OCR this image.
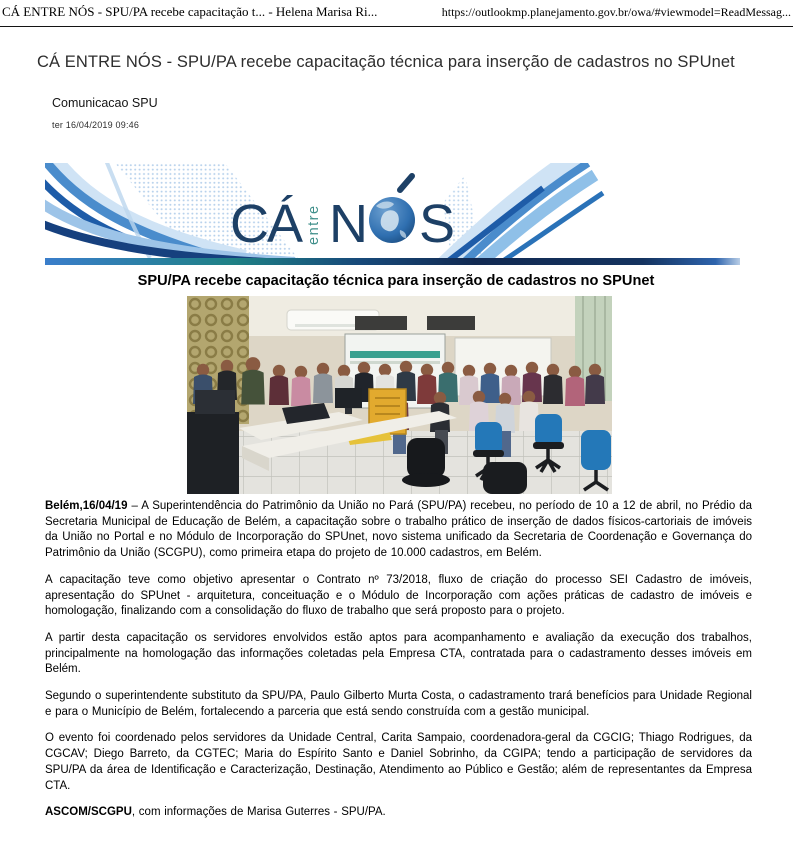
CÁ ENTRE NÓS - SPU/PA recebe capacitação t... - Helena Marisa Ri...	https://outlookmp.planejamento.gov.br/owa/#viewmodel=ReadMessag...
CÁ ENTRE NÓS - SPU/PA recebe capacitação técnica para inserção de cadastros no SPUnet
Comunicacao SPU
ter 16/04/2019 09:46
CÁ entre N S
SPU/PA recebe capacitação técnica para inserção de cadastros no SPUnet

Belém,16/04/19 – A Superintendência do Patrimônio da União no Pará (SPU/PA) recebeu, no período de 10 a 12 de abril, no Prédio da Secretaria Municipal de Educação de Belém, a capacitação sobre o trabalho prático de inserção de dados físicos-cartoriais de imóveis da União no Portal e no Módulo de Incorporação do SPUnet, novo sistema unificado da Secretaria de Coordenação e Governança do Patrimônio da União (SCGPU), como primeira etapa do projeto de 10.000 cadastros, em Belém.

A capacitação teve como objetivo apresentar o Contrato nº 73/2018, fluxo de criação do processo SEI Cadastro de imóveis, apresentação do SPUnet - arquitetura, conceituação e o Módulo de Incorporação com ações práticas de cadastro de imóveis e homologação, finalizando com a consolidação do fluxo de trabalho que será proposto para o projeto.

A partir desta capacitação os servidores envolvidos estão aptos para acompanhamento e avaliação da execução dos trabalhos, principalmente na homologação das informações coletadas pela Empresa CTA, contratada para o cadastramento desses imóveis em Belém.

Segundo o superintendente substituto da SPU/PA, Paulo Gilberto Murta Costa, o cadastramento trará benefícios para Unidade Regional e para o Município de Belém, fortalecendo a parceria que está sendo construída com a gestão municipal.

O evento foi coordenado pelos servidores da Unidade Central, Carita Sampaio, coordenadora-geral da CGCIG; Thiago Rodrigues, da CGCAV; Diego Barreto, da CGTEC; Maria do Espírito Santo e Daniel Sobrinho, da CGIPA; tendo a participação de servidores da SPU/PA da área de Identificação e Caracterização, Destinação, Atendimento ao Público e Gestão; além de representantes da Empresa CTA.

ASCOM/SCGPU, com informações de Marisa Guterres - SPU/PA.
